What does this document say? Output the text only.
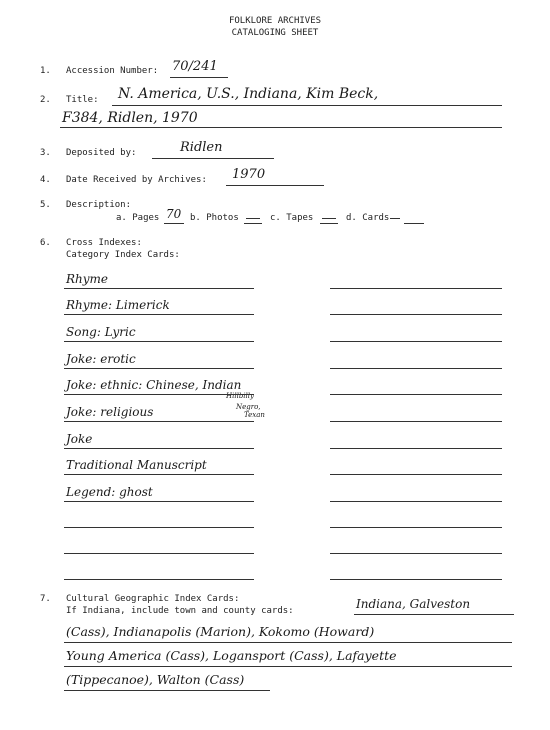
FOLKLORE ARCHIVES
CATALOGING SHEET
1. Accession Number: 70/241
2. Title: N. America, U.S., Indiana, Kim Beck,
F384, Ridlen, 1970
3. Deposited by:	Ridlen
4. Date Received by Archives: 1970
5. Description:
a. Pages 70 b. Photos	c. Tapes	d. Cards
6. Cross Indexes:
Category Index Cards:
Rhyme
Rhyme: Limerick
Song: Lyric
Joke: erotic
Joke: ethnic: Chinese, Indian
Joke: religious
Joke
Traditional Manuscript
Legend: ghost
Hillbilly
Negro,
Texan
7. Cultural Geographic Index Cards:
If Indiana, include town and county cards:	Indiana, Galveston
(Cass), Indianapolis (Marion), Kokomo (Howard)
Young America (Cass), Logansport (Cass), Lafayette
(Tippecanoe), Walton (Cass)
